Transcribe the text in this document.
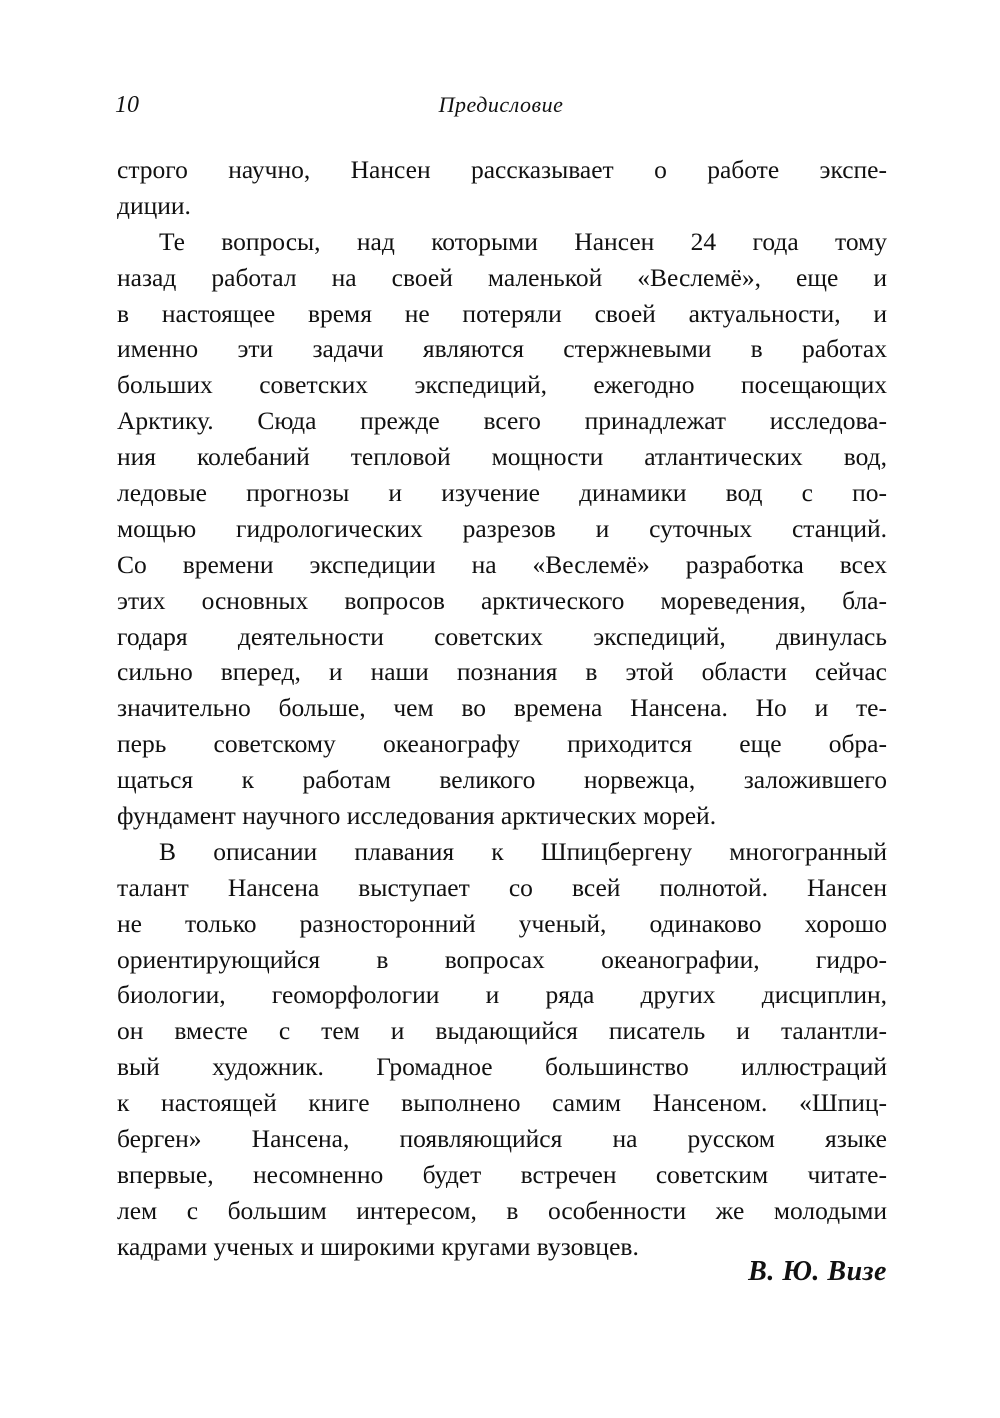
10	Предисловие
строго научно, Нансен рассказывает о работе экспе-
диции.
Те вопросы, над которыми Нансен 24 года тому
назад работал на своей маленькой «Веслемё», еще и
в настоящее время не потеряли своей актуальности, и
именно эти задачи являются стержневыми в работах
больших советских экспедиций, ежегодно посещающих
Арктику. Сюда прежде всего принадлежат исследова-
ния колебаний тепловой мощности атлантических вод,
ледовые прогнозы и изучение динамики вод с по-
мощью гидрологических разрезов и суточных станций.
Со времени экспедиции на «Веслемё» разработка всех
этих основных вопросов арктического мореведения, бла-
годаря деятельности советских экспедиций, двинулась
сильно вперед, и наши познания в этой области сейчас
значительно больше, чем во времена Нансена. Но и те-
перь советскому океанографу приходится еще обра-
щаться к работам великого норвежца, заложившего
фундамент научного исследования арктических морей.
В описании плавания к Шпицбергену многогранный
талант Нансена выступает со всей полнотой. Нансен
не только разносторонний ученый, одинаково хорошо
ориентирующийся в вопросах океанографии, гидро-
биологии, геоморфологии и ряда других дисциплин,
он вместе с тем и выдающийся писатель и талантли-
вый художник. Громадное большинство иллюстраций
к настоящей книге выполнено самим Нансеном. «Шпиц-
берген» Нансена, появляющийся на русском языке
впервые, несомненно будет встречен советским читате-
лем с большим интересом, в особенности же молодыми
кадрами ученых и широкими кругами вузовцев.
В. Ю. Визе
